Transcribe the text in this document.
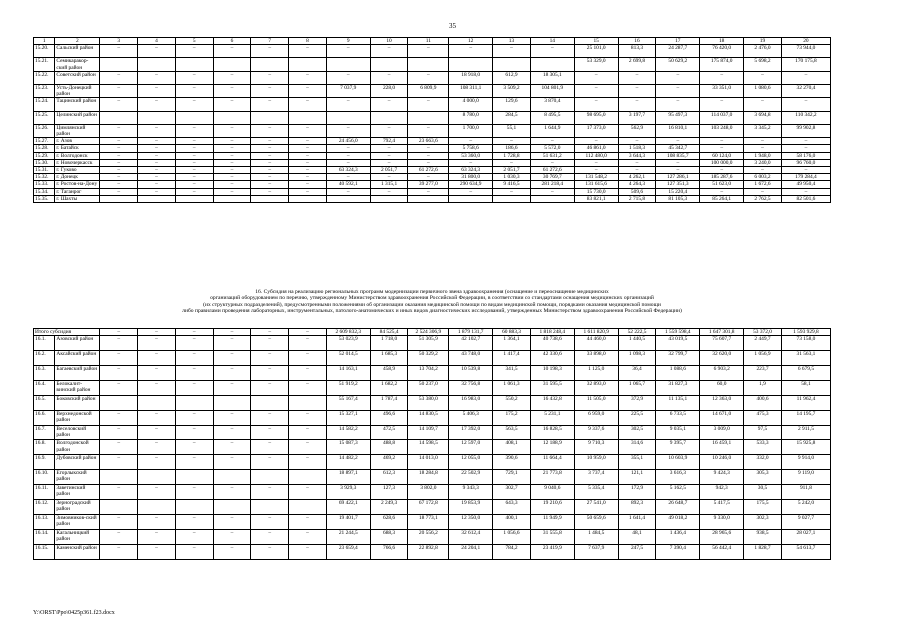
35
1	2	3	4	5	6	7	8	9	10	11	12	13	14	15	16	17	18	19	20
15.20.	Сальский район	–	–	–	–	–	–	–	–	–	–	–	–	25 101,0	813,3	24 287,7	76 420,0	2 476,0	73 944,0
15.21.	Семикаракор-ский район													53 329,0	2 699,8	50 629,2	175 874,0	5 698,2	170 175,8
15.22.	Советский район	–	–	–	–	–	–	–	–	–	18 918,0	612,9	18 305,1	–	–	–	–	–	–
15.23.	Усть-Донецкий район	–	–	–	–	–	–	7 037,9	228,0	6 809,9	108 311,1	3 509,2	104 801,9	–	–	–	33 351,0	1 080,6	32 270,4
15.24.	Тацинский район	–	–	–	–	–	–	–	–	–	4 000,0	129,6	3 870,4	–	–	–	–	–	–
15.25.	Целинский район										8 780,0	284,5	8 495,5	98 695,0	3 197,7	95 497,3	114 037,0	3 694,8	110 342,2
15.26.	Цимлянский район	–	–	–	–	–	–	–	–	–	1 700,0	55,1	1 644,9	17 373,0	562,9	16 810,1	103 248,0	3 345,2	99 902,8
15.27.	г. Азов	–	–	–	–	–	–	24 456,0	792,4	23 663,6	–	–	–	–	–	–	–	–	–
15.28.	г. Батайск	–	–	–	–	–	–	–	–	–	5 758,6	186,6	5 572,0	46 861,0	1 518,3	45 342,7	–	–	–
15.29.	г. Волгодонск	–	–	–	–	–	–	–	–	–	53 360,0	1 728,8	51 631,2	112 480,0	3 644,3	108 835,7	60 124,0	1 948,0	58 176,0
15.30.	г. Новочеркасск	–	–	–	–	–	–	–	–	–	–	–	–	–	–	–	100 000,0	3 240,0	96 760,0
15.31.	г. Гуково	–	–	–	–	–	–	63 324,3	2 051,7	61 272,6	63 324,3	2 051,7	61 272,6	–	–	–	–	–	–
15.32.	г. Донецк	–	–	–	–	–	–	–	–	–	31 800,0	1 030,3	30 769,7	131 548,2	4 262,1	127 286,1	185 287,6	6 003,2	179 284,4
15.33.	г. Ростов-на-Дону	–	–	–	–	–	–	40 592,1	1 315,1	39 277,0	290 634,9	9 416,5	281 218,4	131 615,6	4 264,3	127 351,3	51 623,0	1 672,6	49 950,4
15.34.	г. Таганрог	–	–	–	–	–	–	–	–	–	–	–	–	15 730,0	509,6	15 220,4	–	–	–
15.35.	г. Шахты													83 821,1	2 715,8	81 105,3	85 264,1	2 762,5	82 501,6
16. Субсидия на реализацию региональных программ модернизации первичного звена здравоохранения (оснащение и переоснащение медицинских
организаций оборудованием по перечню, утвержденному Министерством здравоохранения Российской Федерации, в соответствии со стандартами оснащения медицинских организаций
(их структурных подразделений), предусмотренными положениями об организации оказания медицинской помощи по видам медицинской помощи, порядками оказания медицинской помощи
либо правилами проведения лабораторных, инструментальных, патолого-анатомических и иных видов диагностических исследований, утвержденных Министерством здравоохранения Российской Федерации)
Итого субсидия		–	–	–	–	–	–	2 609 832,3	84 525,4	2 524 306,9	1 879 131,7	60 883,3	1 818 248,4	1 611 820,9	52 222,5	1 559 598,4	1 647 301,8	53 372,0	1 593 929,8
16.1.	Азовский район	–	–	–	–	–	–	53 023,9	1 718,0	51 305,9	42 102,7	1 364,1	40 738,6	44 460,0	1 440,5	43 019,5	75 607,7	2 449,7	73 158,0
16.2.	Аксайский район	–	–	–	–	–	–	52 014,5	1 685,3	50 329,2	43 748,0	1 417,4	42 330,6	33 898,0	1 098,3	32 799,7	32 620,0	1 056,9	31 563,1
16.3.	Багаевский район	–	–	–	–	–	–	14 163,1	458,9	13 704,2	10 539,8	341,5	10 198,3	1 125,0	36,4	1 088,6	6 903,2	223,7	6 679,5
16.4.	Белокалит-винский район	–	–	–	–	–	–	51 919,2	1 682,2	50 237,0	32 756,8	1 061,3	31 595,5	32 893,0	1 065,7	31 827,3	60,0	1,9	58,1
16.5.	Боковский район							55 167,4	1 787,4	53 380,0	16 983,0	550,2	16 432,8	11 505,0	372,9	11 135,1	12 363,0	400,6	11 962,4
16.6.	Верхнедонской район	–	–	–	–	–	–	15 327,1	496,6	14 830,5	5 406,3	175,2	5 231,1	6 959,0	225,5	6 733,5	14 671,0	475,3	14 195,7
16.7.	Веселовский район	–	–	–	–	–	–	14 582,2	472,5	14 109,7	17 392,0	563,5	16 828,5	9 337,6	302,5	9 035,1	3 009,0	97,5	2 911,5
16.8.	Волгодонской район	–	–	–	–	–	–	15 087,3	488,8	14 598,5	12 597,0	408,1	12 188,9	9 710,3	314,6	9 395,7	16 459,1	533,3	15 925,8
16.9.	Дубовский район	–	–	–	–	–	–	14 482,2	469,2	14 013,0	12 055,0	390,6	11 664,4	10 959,0	355,1	10 603,9	10 246,0	332,0	9 914,0
16.10.	Егорлыкский район							18 897,1	612,3	18 284,8	22 502,9	729,1	21 773,8	3 737,4	121,1	3 616,3	9 424,3	305,3	9 119,0
16.11.	Заветинский район	–	–	–	–	–	–	3 929,3	127,3	3 802,0	9 343,3	302,7	9 040,6	5 335,4	172,9	5 162,5	942,3	30,5	911,8
16.12.	Зерноградский район							69 422,1	2 249,3	67 172,8	19 853,9	643,3	19 210,6	27 541,0	892,3	26 648,7	5 417,5	175,5	5 242,0
16.13.	Зимовников-ский район	–	–	–	–	–	–	19 401,7	628,6	18 773,1	12 350,0	400,1	11 949,9	50 659,6	1 641,4	49 018,2	9 330,0	302,3	9 027,7
16.14.	Кагальницкий район	–	–	–	–	–	–	21 244,5	688,3	20 556,2	32 612,4	1 056,6	31 555,8	1 484,5	48,1	1 436,4	28 965,6	938,5	28 027,1
16.15.	Каменский район	–	–	–	–	–	–	23 659,4	766,6	22 892,8	24 204,1	784,2	23 419,9	7 637,9	247,5	7 390,4	56 442,4	1 828,7	54 613,7
Y:\ORST\Ppo\0425p361.f23.docx
